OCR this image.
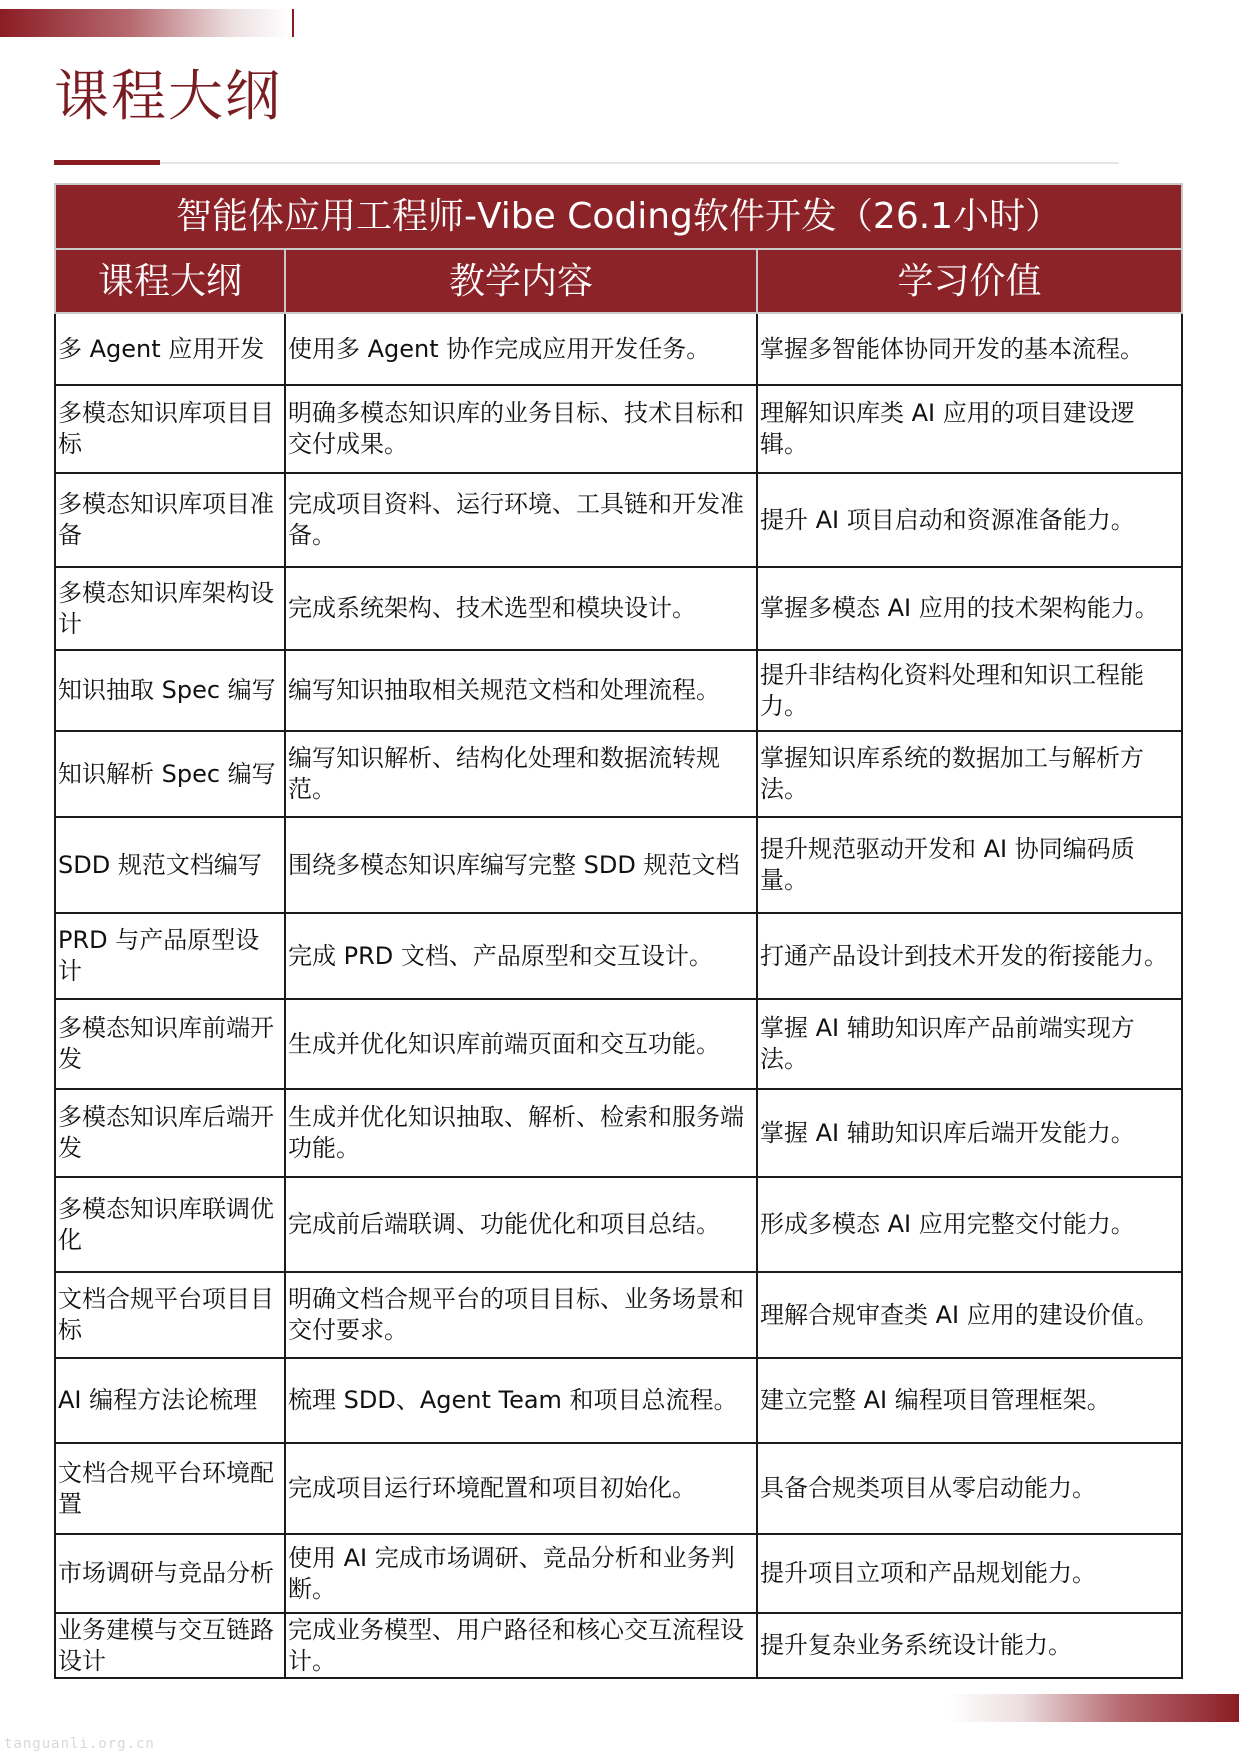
课程大纲
智能体应用工程师-Vibe Coding软件开发（26.1小时）		
课程大纲	教学内容	学习价值
多 Agent 应用开发	使用多 Agent 协作完成应用开发任务。	掌握多智能体协同开发的基本流程。
多模态知识库项目目标	明确多模态知识库的业务目标、技术目标和交付成果。	理解知识库类 AI 应用的项目建设逻辑。
多模态知识库项目准备	完成项目资料、运行环境、工具链和开发准备。	提升 AI 项目启动和资源准备能力。
多模态知识库架构设计	完成系统架构、技术选型和模块设计。	掌握多模态 AI 应用的技术架构能力。
知识抽取 Spec 编写	编写知识抽取相关规范文档和处理流程。	提升非结构化资料处理和知识工程能力。
知识解析 Spec 编写	编写知识解析、结构化处理和数据流转规范。	掌握知识库系统的数据加工与解析方法。
SDD 规范文档编写	围绕多模态知识库编写完整 SDD 规范文档	提升规范驱动开发和 AI 协同编码质量。
PRD 与产品原型设计	完成 PRD 文档、产品原型和交互设计。	打通产品设计到技术开发的衔接能力。
多模态知识库前端开发	生成并优化知识库前端页面和交互功能。	掌握 AI 辅助知识库产品前端实现方法。
多模态知识库后端开发	生成并优化知识抽取、解析、检索和服务端功能。	掌握 AI 辅助知识库后端开发能力。
多模态知识库联调优化	完成前后端联调、功能优化和项目总结。	形成多模态 AI 应用完整交付能力。
文档合规平台项目目标	明确文档合规平台的项目目标、业务场景和交付要求。	理解合规审查类 AI 应用的建设价值。
AI 编程方法论梳理	梳理 SDD、Agent Team 和项目总流程。	建立完整 AI 编程项目管理框架。
文档合规平台环境配置	完成项目运行环境配置和项目初始化。	具备合规类项目从零启动能力。
市场调研与竞品分析	使用 AI 完成市场调研、竞品分析和业务判断。	提升项目立项和产品规划能力。
业务建模与交互链路设计	完成业务模型、用户路径和核心交互流程设计。	提升复杂业务系统设计能力。
tanguanli.org.cn
